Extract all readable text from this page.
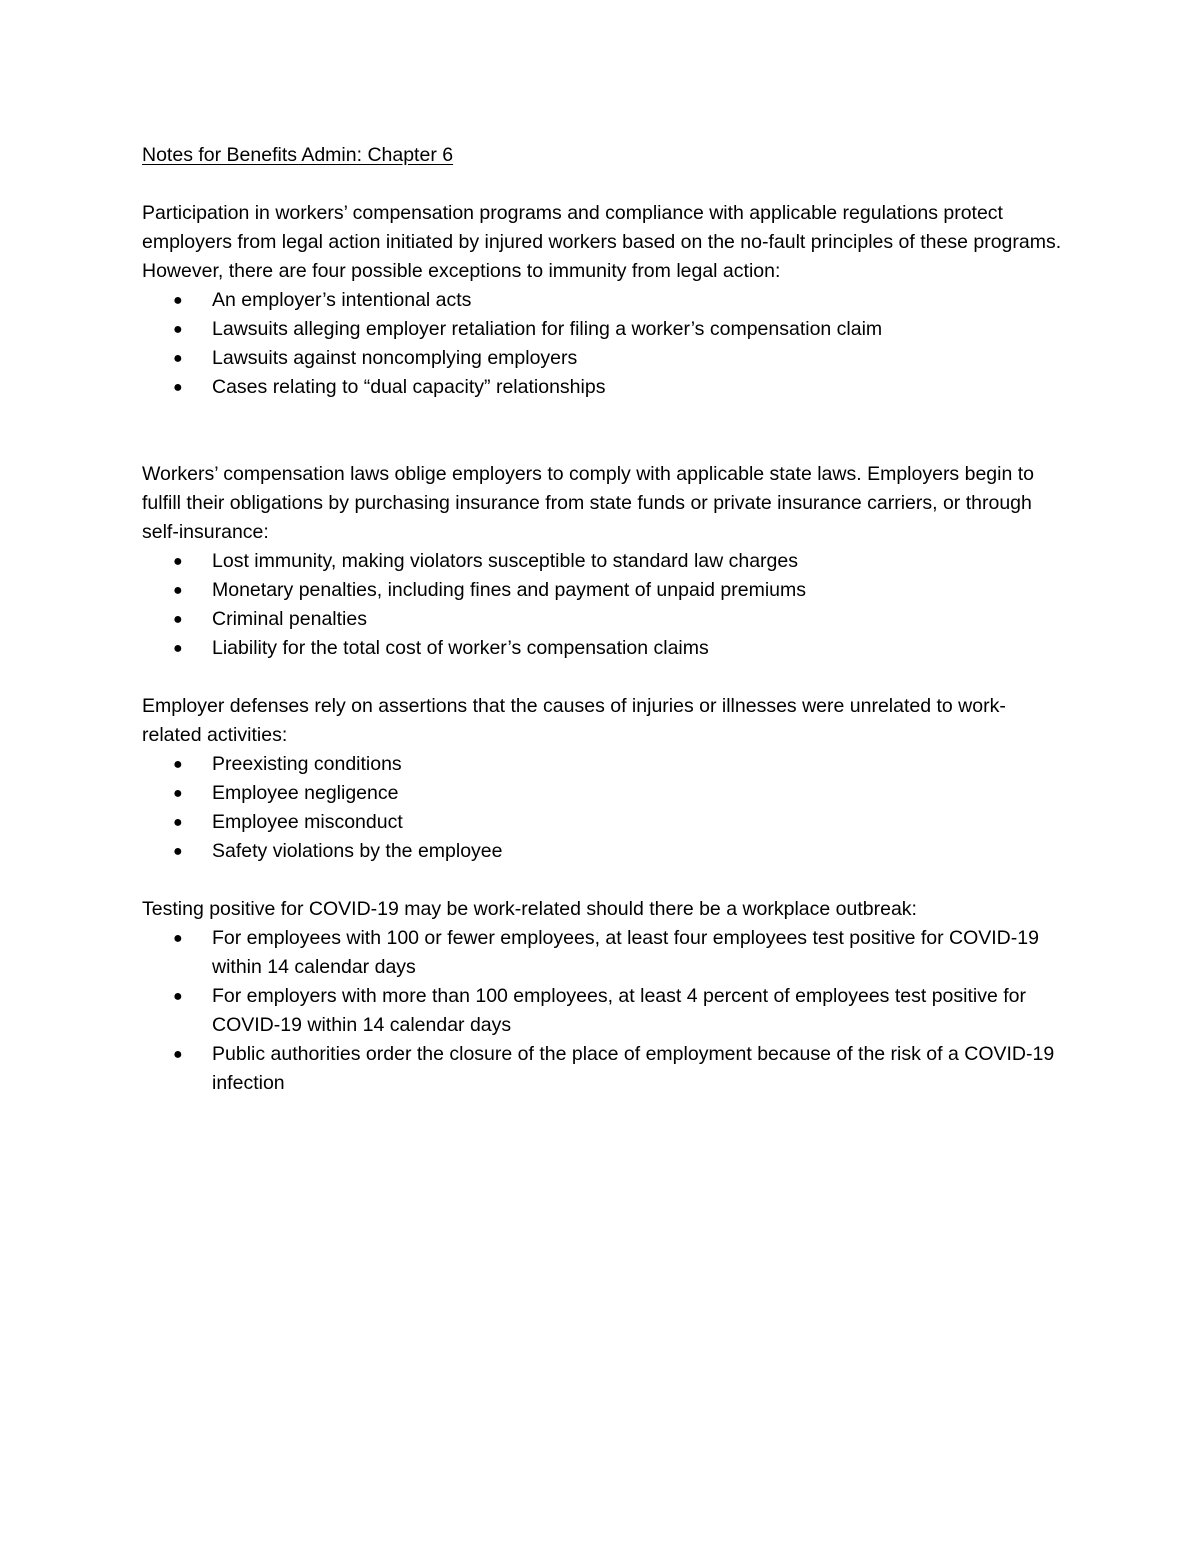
Notes for Benefits Admin: Chapter 6

Participation in workers’ compensation programs and compliance with applicable regulations protect employers from legal action initiated by injured workers based on the no-fault principles of these programs. However, there are four possible exceptions to immunity from legal action:

● An employer’s intentional acts
● Lawsuits alleging employer retaliation for filing a worker’s compensation claim
● Lawsuits against noncomplying employers
● Cases relating to “dual capacity” relationships

Workers’ compensation laws oblige employers to comply with applicable state laws. Employers begin to fulfill their obligations by purchasing insurance from state funds or private insurance carriers, or through self-insurance:

● Lost immunity, making violators susceptible to standard law charges
● Monetary penalties, including fines and payment of unpaid premiums
● Criminal penalties
● Liability for the total cost of worker’s compensation claims

Employer defenses rely on assertions that the causes of injuries or illnesses were unrelated to work-related activities:

● Preexisting conditions
● Employee negligence
● Employee misconduct
● Safety violations by the employee

Testing positive for COVID-19 may be work-related should there be a workplace outbreak:

● For employees with 100 or fewer employees, at least four employees test positive for COVID-19 within 14 calendar days
● For employers with more than 100 employees, at least 4 percent of employees test positive for COVID-19 within 14 calendar days
● Public authorities order the closure of the place of employment because of the risk of a COVID-19 infection
